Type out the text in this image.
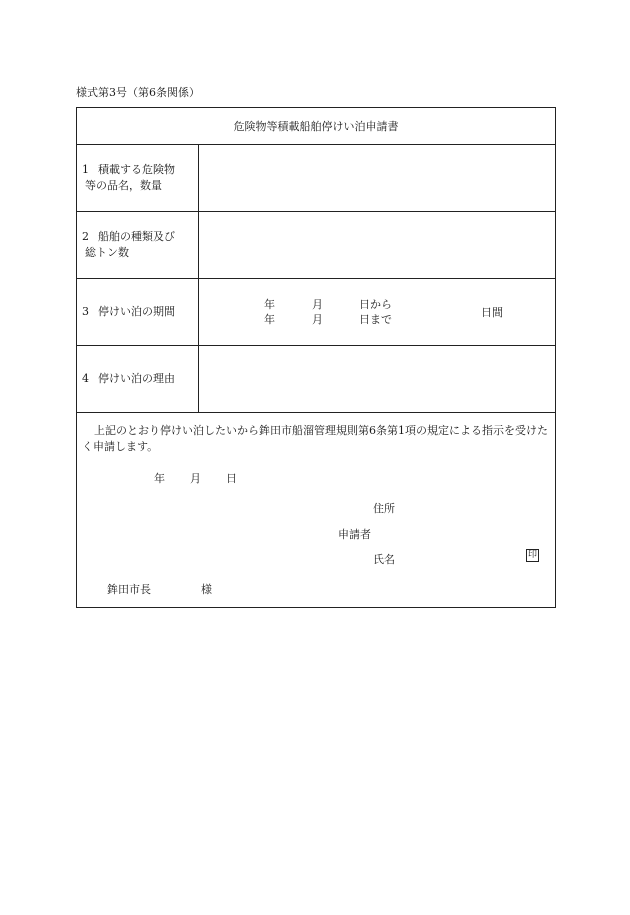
様式第3号（第6条関係）
危険物等積載船舶停けい泊申請書
1 積載する危険物
等の品名，数量
2 船舶の種類及び
総トン数
3 停けい泊の期間
年	月	日から
年	月	日まで
日間
4 停けい泊の理由
上記のとおり停けい泊したいから鉾田市船溜管理規則第6条第1項の規定による指示を受けたく申請します。
年 月 日
住所
申請者
氏名	印
鉾田市長	様
